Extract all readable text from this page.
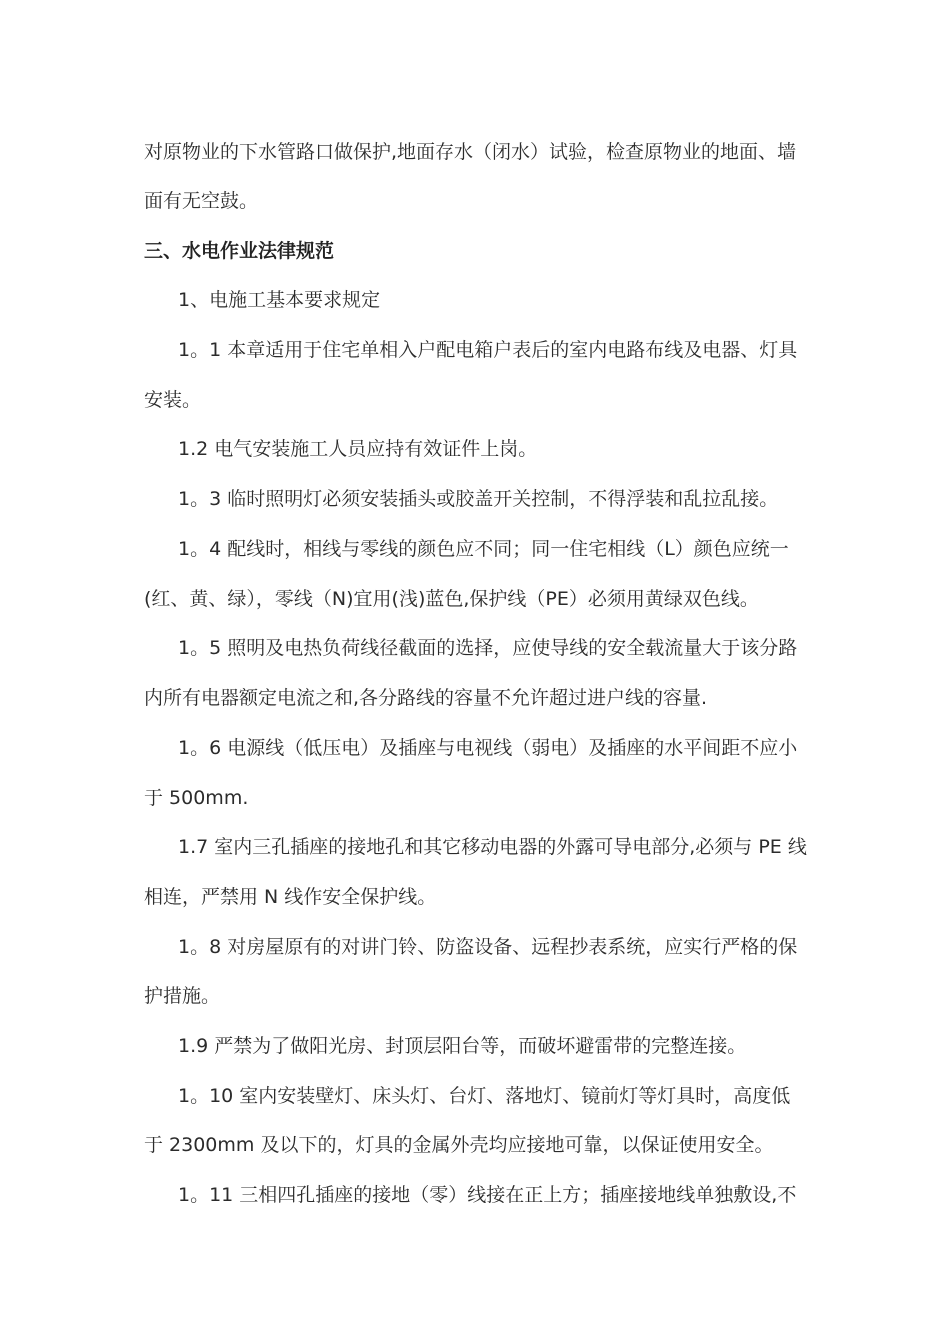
对原物业的下水管路口做保护,地面存水（闭水）试验，检查原物业的地面、墙
面有无空鼓。
三、水电作业法律规范
1、电施工基本要求规定
1。1 本章适用于住宅单相入户配电箱户表后的室内电路布线及电器、灯具
安装。
1.2 电气安装施工人员应持有效证件上岗。
1。3 临时照明灯必须安装插头或胶盖开关控制，不得浮装和乱拉乱接。
1。4 配线时，相线与零线的颜色应不同；同一住宅相线（L）颜色应统一
(红、黄、绿），零线（N)宜用(浅)蓝色,保护线（PE）必须用黄绿双色线。
1。5 照明及电热负荷线径截面的选择，应使导线的安全载流量大于该分路
内所有电器额定电流之和,各分路线的容量不允许超过进户线的容量.
1。6 电源线（低压电）及插座与电视线（弱电）及插座的水平间距不应小
于 500mm.
1.7 室内三孔插座的接地孔和其它移动电器的外露可导电部分,必须与 PE 线
相连，严禁用 N 线作安全保护线。
1。8 对房屋原有的对讲门铃、防盗设备、远程抄表系统，应实行严格的保
护措施。
1.9 严禁为了做阳光房、封顶层阳台等，而破坏避雷带的完整连接。
1。10 室内安装壁灯、床头灯、台灯、落地灯、镜前灯等灯具时，高度低
于 2300mm 及以下的，灯具的金属外壳均应接地可靠，以保证使用安全。
1。11 三相四孔插座的接地（零）线接在正上方；插座接地线单独敷设,不
